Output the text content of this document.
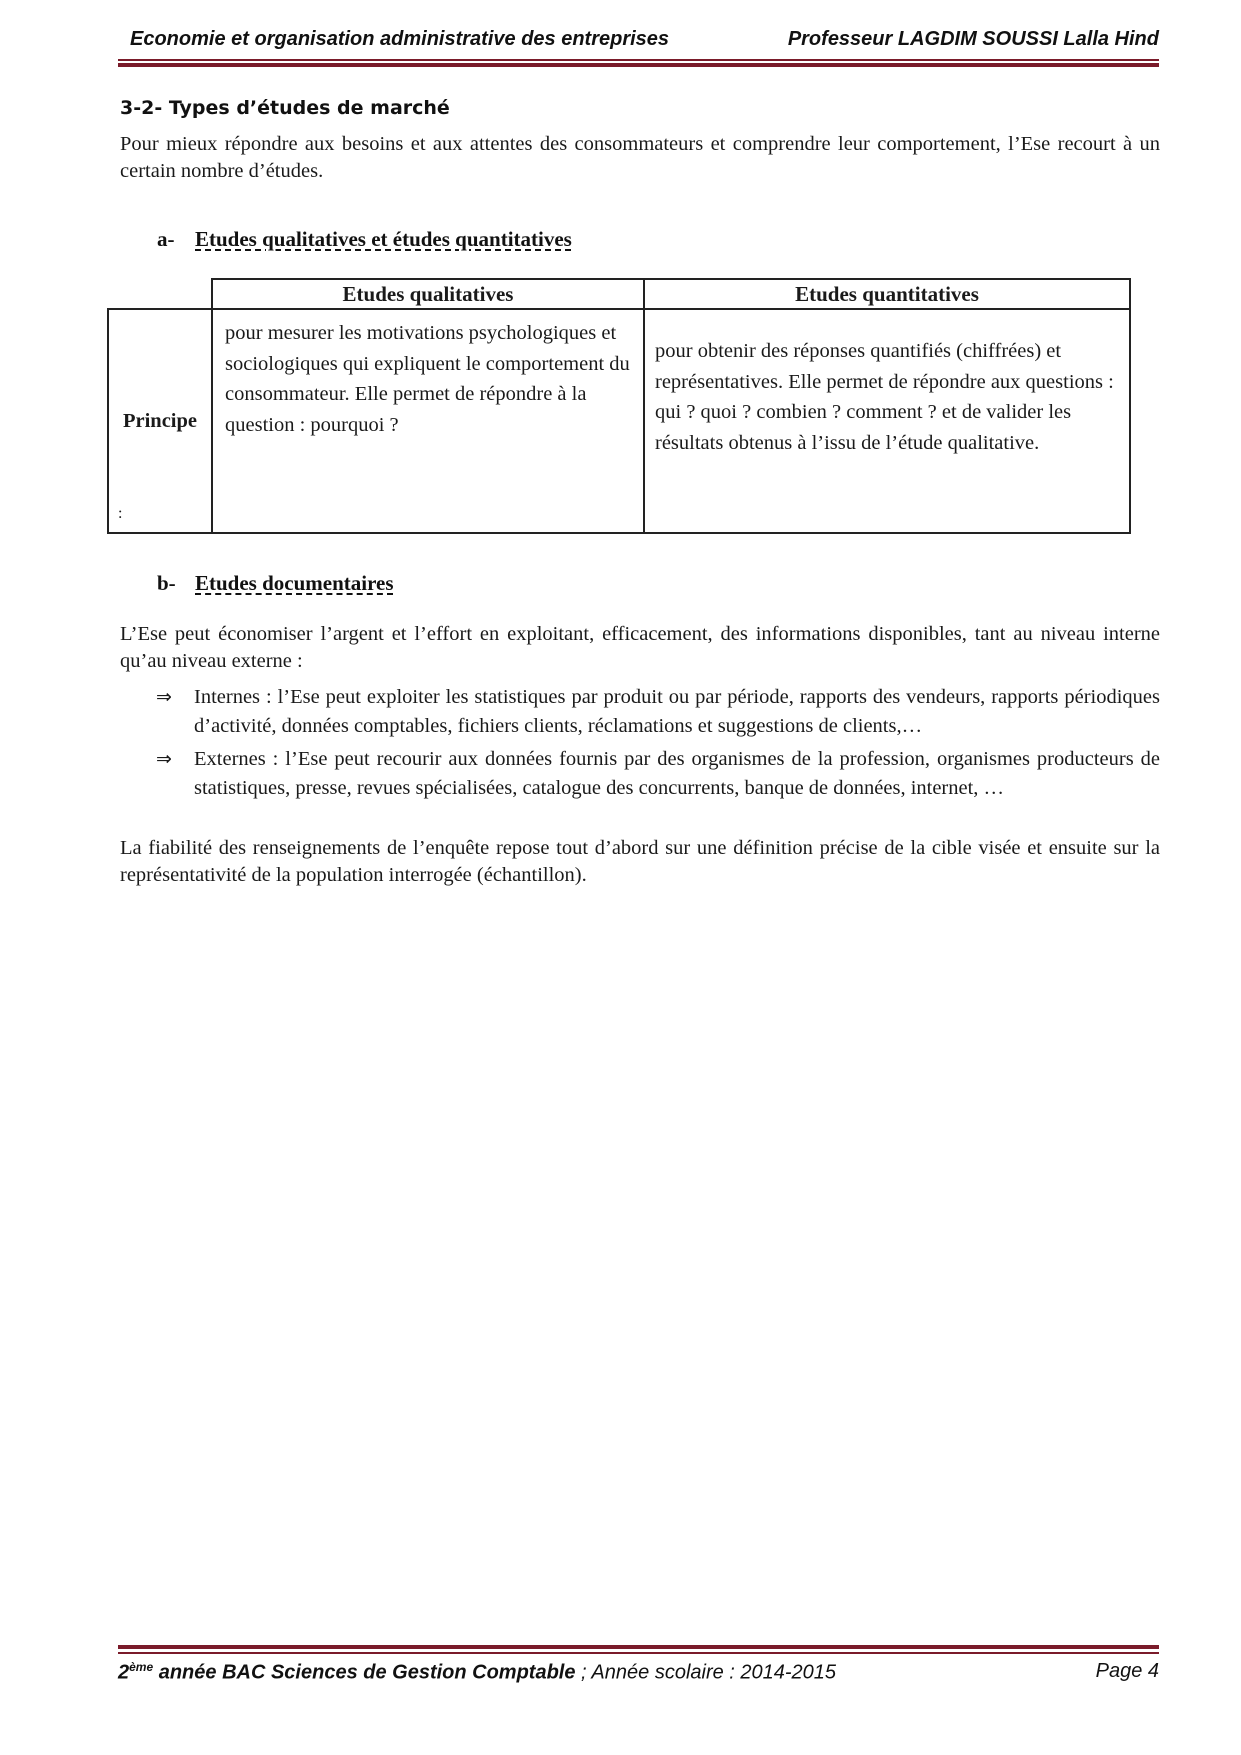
Economie et organisation administrative des entreprises	Professeur LAGDIM SOUSSI Lalla Hind
3-2- Types d’études de marché
Pour mieux répondre aux besoins et aux attentes des consommateurs et comprendre leur comportement, l’Ese recourt à un certain nombre d’études.
a- Etudes qualitatives et études quantitatives
	Etudes qualitatives	Etudes quantitatives
Principe	pour mesurer les motivations psychologiques et sociologiques qui expliquent le comportement du consommateur. Elle permet de répondre à la question : pourquoi ?	pour obtenir des réponses quantifiés (chiffrées) et représentatives. Elle permet de répondre aux questions : qui ? quoi ? combien ? comment ? et de valider les résultats obtenus à l’issu de l’étude qualitative.
:
b- Etudes documentaires
L’Ese peut économiser l’argent et l’effort en exploitant, efficacement, des informations disponibles, tant au niveau interne qu’au niveau externe :
⇒	Internes : l’Ese peut exploiter les statistiques par produit ou par période, rapports des vendeurs, rapports périodiques d’activité, données comptables, fichiers clients, réclamations et suggestions de clients,…
⇒	Externes : l’Ese peut recourir aux données fournis par des organismes de la profession, organismes producteurs de statistiques, presse, revues spécialisées, catalogue des concurrents, banque de données, internet, …
La fiabilité des renseignements de l’enquête repose tout d’abord sur une définition précise de la cible visée et ensuite sur la représentativité de la population interrogée (échantillon).
2ème année BAC Sciences de Gestion Comptable ; Année scolaire : 2014-2015	Page 4
